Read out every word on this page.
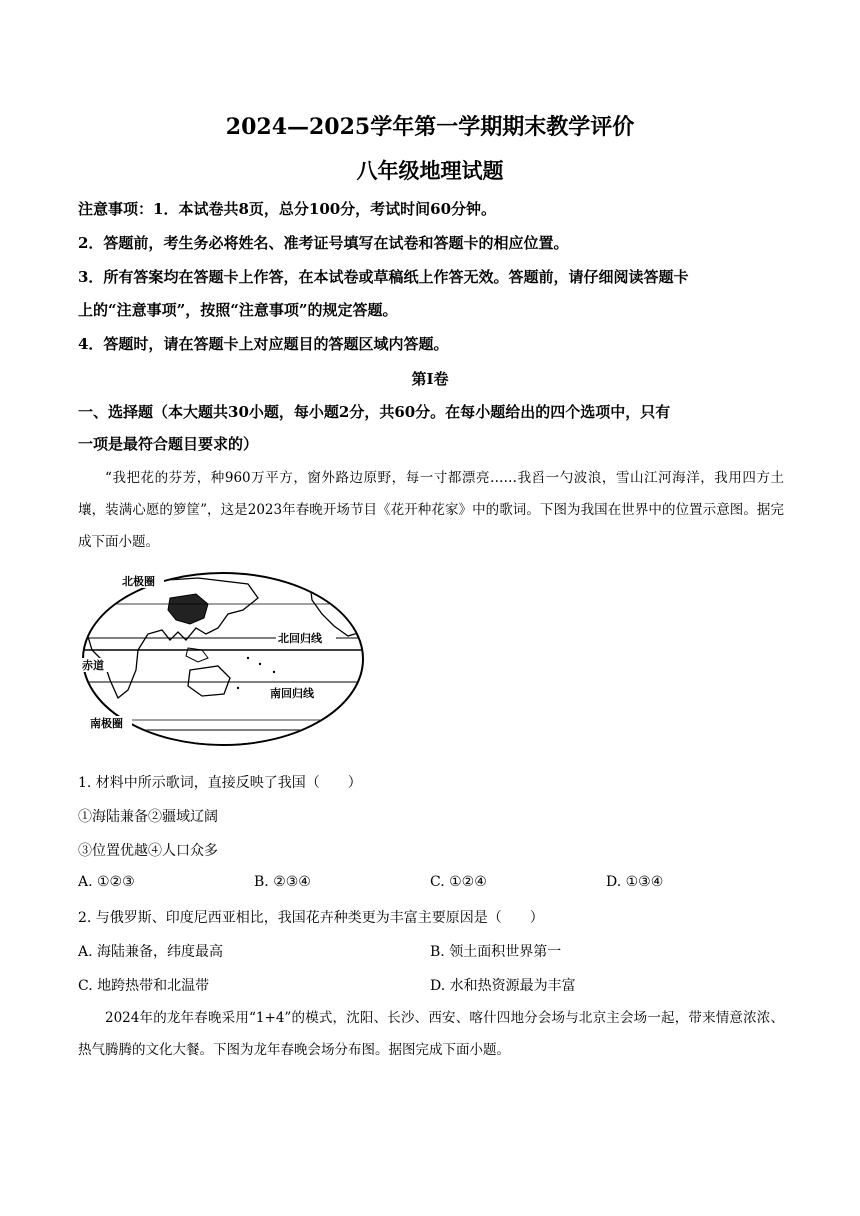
2024—2025学年第一学期期末教学评价
八年级地理试题
注意事项：1．本试卷共8页，总分100分，考试时间60分钟。
2．答题前，考生务必将姓名、准考证号填写在试卷和答题卡的相应位置。
3．所有答案均在答题卡上作答，在本试卷或草稿纸上作答无效。答题前，请仔细阅读答题卡
上的“注意事项”，按照“注意事项”的规定答题。
4．答题时，请在答题卡上对应题目的答题区域内答题。
第Ⅰ卷
一、选择题（本大题共30小题，每小题2分，共60分。在每小题给出的四个选项中，只有
一项是最符合题目要求的）
“我把花的芬芳，种960万平方，窗外路边原野，每一寸都漂亮……我舀一勺波浪，雪山江河海洋，我用四方土壤，装满心愿的箩筐”，这是2023年春晚开场节目《花开种花家》中的歌词。下图为我国在世界中的位置示意图。据完成下面小题。
北极圈
北回归线
赤道
南回归线
南极圈
1. 材料中所示歌词，直接反映了我国（　　）
①海陆兼备②疆域辽阔
③位置优越④人口众多
A. ①②③	B. ②③④	C. ①②④	D. ①③④
2. 与俄罗斯、印度尼西亚相比，我国花卉种类更为丰富主要原因是（　　）
A. 海陆兼备，纬度最高	B. 领土面积世界第一
C. 地跨热带和北温带	D. 水和热资源最为丰富
2024年的龙年春晚采用“1+4”的模式，沈阳、长沙、西安、喀什四地分会场与北京主会场一起，带来情意浓浓、热气腾腾的文化大餐。下图为龙年春晚会场分布图。据图完成下面小题。
